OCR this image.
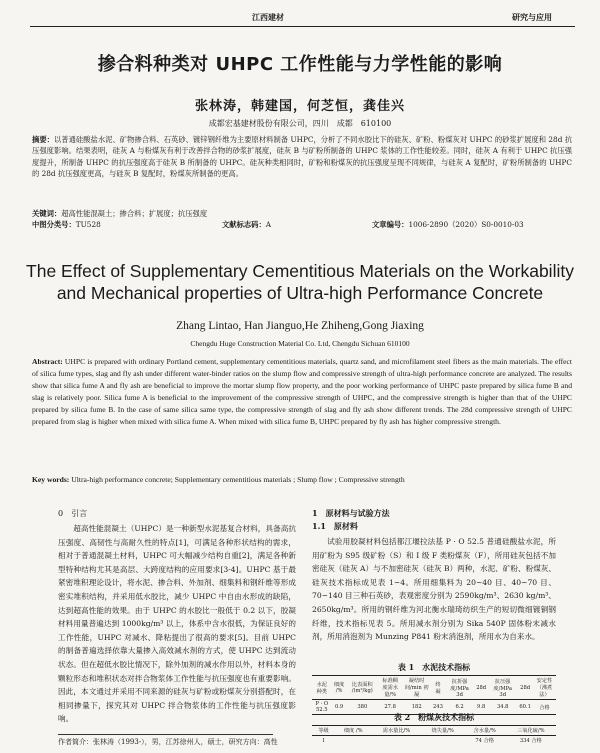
江西建材	研究与应用
掺合料种类对 UHPC 工作性能与力学性能的影响
张林涛，韩建国，何芝恒，龚佳兴
成都宏基建材股份有限公司，四川　成都　610100
摘要：以普通硅酸盐水泥、矿物掺合料、石英砂、镀锌钢纤维为主要原材料制备 UHPC，分析了不同水胶比下的硅灰、矿粉、粉煤灰对 UHPC 的砂浆扩展度和 28d 抗压强度影响。结果表明，硅灰 A 与粉煤灰有利于改善拌合物的砂浆扩展度，硅灰 B 与矿粉所制备的 UHPC 浆体的工作性能较差。同时，硅灰 A 有利于 UHPC 抗压强度提升，所制备 UHPC 的抗压强度高于硅灰 B 所制备的 UHPC。硅灰种类相同时，矿粉和粉煤灰的抗压强度呈现不同规律，与硅灰 A 复配时，矿粉所制备的 UHPC 的 28d 抗压强度更高，与硅灰 B 复配时，粉煤灰所制备的更高。
关键词：超高性能混凝土；掺合料；扩展度；抗压强度
中图分类号：TU528	文献标志码：A	文章编号：1006-2890（2020）S0-0010-03
The Effect of Supplementary Cementitious Materials on the Workability and Mechanical properties of Ultra-high Performance Concrete
Zhang Lintao, Han Jianguo,He Zhiheng,Gong Jiaxing
Chengdu Huge Construction Material Co. Ltd, Chengdu Sichuan 610100
Abstract: UHPC is prepared with ordinary Portland cement, supplementary cementitious materials, quartz sand, and microfilament steel fibers as the main materials. The effect of silica fume types, slag and fly ash under different water-binder ratios on the slump flow and compressive strength of ultra-high performance concrete are analyzed. The results show that silica fume A and fly ash are beneficial to improve the mortar slump flow property, and the poor working performance of UHPC paste prepared by silica fume B and slag is relatively poor. Silica fume A is beneficial to the improvement of the compressive strength of UHPC, and the compressive strength is higher than that of the UHPC prepared by silica fume B. In the case of same silica same type, the compressive strength of slag and fly ash show different trends. The 28d compressive strength of UHPC prepared from slag is higher when mixed with silica fume A. When mixed with silica fume B, UHPC prepared by fly ash has higher compressive strength.
Key words: Ultra-high performance concrete; Supplementary cementitious materials ; Slump flow ; Compressive strength
0　引言
超高性能混凝土（UHPC）是一种新型水泥基复合材料，具备高抗压强度、高韧性与高耐久性的特点[1]，可满足各种形状结构的需求，相对于普通混凝土材料，UHPC 可大幅减少结构自重[2]，满足各种新型特种结构尤其是高层、大跨度结构的应用要求[3-4]。UHPC 基于最紧密堆积理论设计，将水泥、掺合料、外加剂、细集料和钢纤维等形成密实堆积结构，并采用低水胶比，减少 UHPC 中自由水形成的缺陷，达到超高性能的效果。由于 UHPC 的水胶比一般低于 0.2 以下，胶凝材料用量普遍达到 1000kg/m³ 以上，体系中含水很低，为保证良好的工作性能，UHPC 对减水、降粘提出了很高的要求[5]。目前 UHPC 的制备普遍选择依靠大量掺入高效减水剂的方式，使 UHPC 达到流动状态。但在超低水胶比情况下，除外加剂的减水作用以外，材料本身的颗粒形态和堆积状态对拌合物浆体工作性能与抗压强度也有重要影响。因此，本文通过并采用不同来源的硅灰与矿粉或粉煤灰分别搭配时，在相同掺量下，探究其对 UHPC 拌合物浆体的工作性能与抗压强度影响。
作者简介：张林涛（1993-），男，江苏徐州人，硕士，研究方向：高性
1　原材料与试验方法
1.1　原材料
试验用胶凝材料包括都江堰拉法基 P · O 52.5 普通硅酸盐水泥，所用矿粉为 S95 级矿粉（S）和 I 级 F 类粉煤灰（F），所用硅灰包括不加密硅灰（硅灰 A）与不加密硅灰（硅灰 B）两种，水泥、矿粉、粉煤灰、硅灰技术指标成见表 1~4。所用细集料为 20~40 目、40~70 目、70~140 目三种石英砂，表观密度分别为 2590kg/m³、2630 kg/m³、2650kg/m³。所用的钢纤维为河北衡水瑞琦纺织生产的短切微细镀铜钢纤维，技术指标见表 5。所用减水剂分别为 Sika 540P 固体粉末减水剂，所用消泡剂为 Munzing P841 粉末消泡剂，所用水为自来水。
表 1　水泥技术指标
水泥种类	细度 /%	比表面积 /(m²/kg)	标准稠度需水量/%	凝结时间/min 初凝	终凝	抗折强度/MPa 3d	28d	抗压强度/MPa 3d	28d	安定性（沸煮法）
P · O 52.5	0.9	380	27.8	182	243	6.2	9.8	34.8	60.1	合格
表 2　粉煤灰技术指标
等级	细度 /%	需水量比/%	烧失量/%	含水量/%	三氧化硫/%
I				74 合格	334 合格
